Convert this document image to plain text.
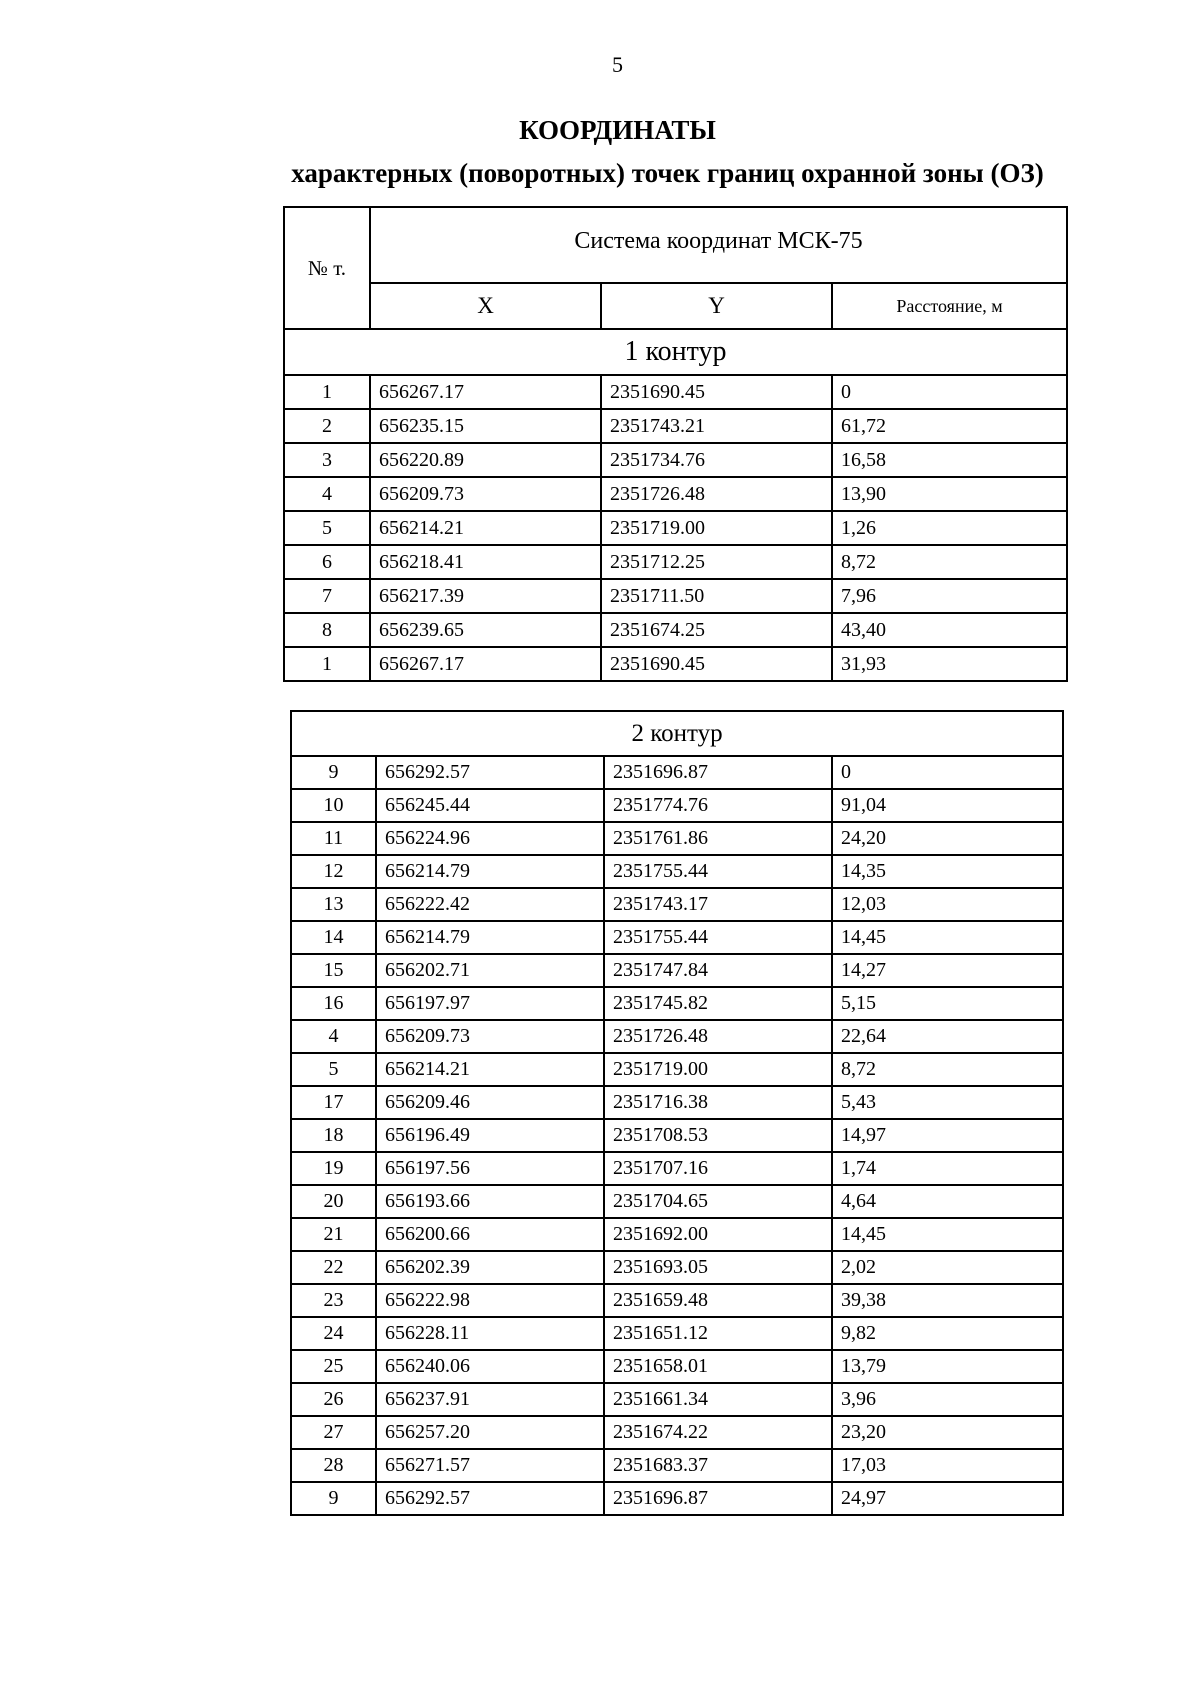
5
КООРДИНАТЫ
характерных (поворотных) точек границ охранной зоны (ОЗ)
№ т.	Система координат МСК-75		
	X	Y	Расстояние, м
1 контур			
1	656267.17	2351690.45	0
2	656235.15	2351743.21	61,72
3	656220.89	2351734.76	16,58
4	656209.73	2351726.48	13,90
5	656214.21	2351719.00	1,26
6	656218.41	2351712.25	8,72
7	656217.39	2351711.50	7,96
8	656239.65	2351674.25	43,40
1	656267.17	2351690.45	31,93
2 контур			
9	656292.57	2351696.87	0
10	656245.44	2351774.76	91,04
11	656224.96	2351761.86	24,20
12	656214.79	2351755.44	14,35
13	656222.42	2351743.17	12,03
14	656214.79	2351755.44	14,45
15	656202.71	2351747.84	14,27
16	656197.97	2351745.82	5,15
4	656209.73	2351726.48	22,64
5	656214.21	2351719.00	8,72
17	656209.46	2351716.38	5,43
18	656196.49	2351708.53	14,97
19	656197.56	2351707.16	1,74
20	656193.66	2351704.65	4,64
21	656200.66	2351692.00	14,45
22	656202.39	2351693.05	2,02
23	656222.98	2351659.48	39,38
24	656228.11	2351651.12	9,82
25	656240.06	2351658.01	13,79
26	656237.91	2351661.34	3,96
27	656257.20	2351674.22	23,20
28	656271.57	2351683.37	17,03
9	656292.57	2351696.87	24,97
